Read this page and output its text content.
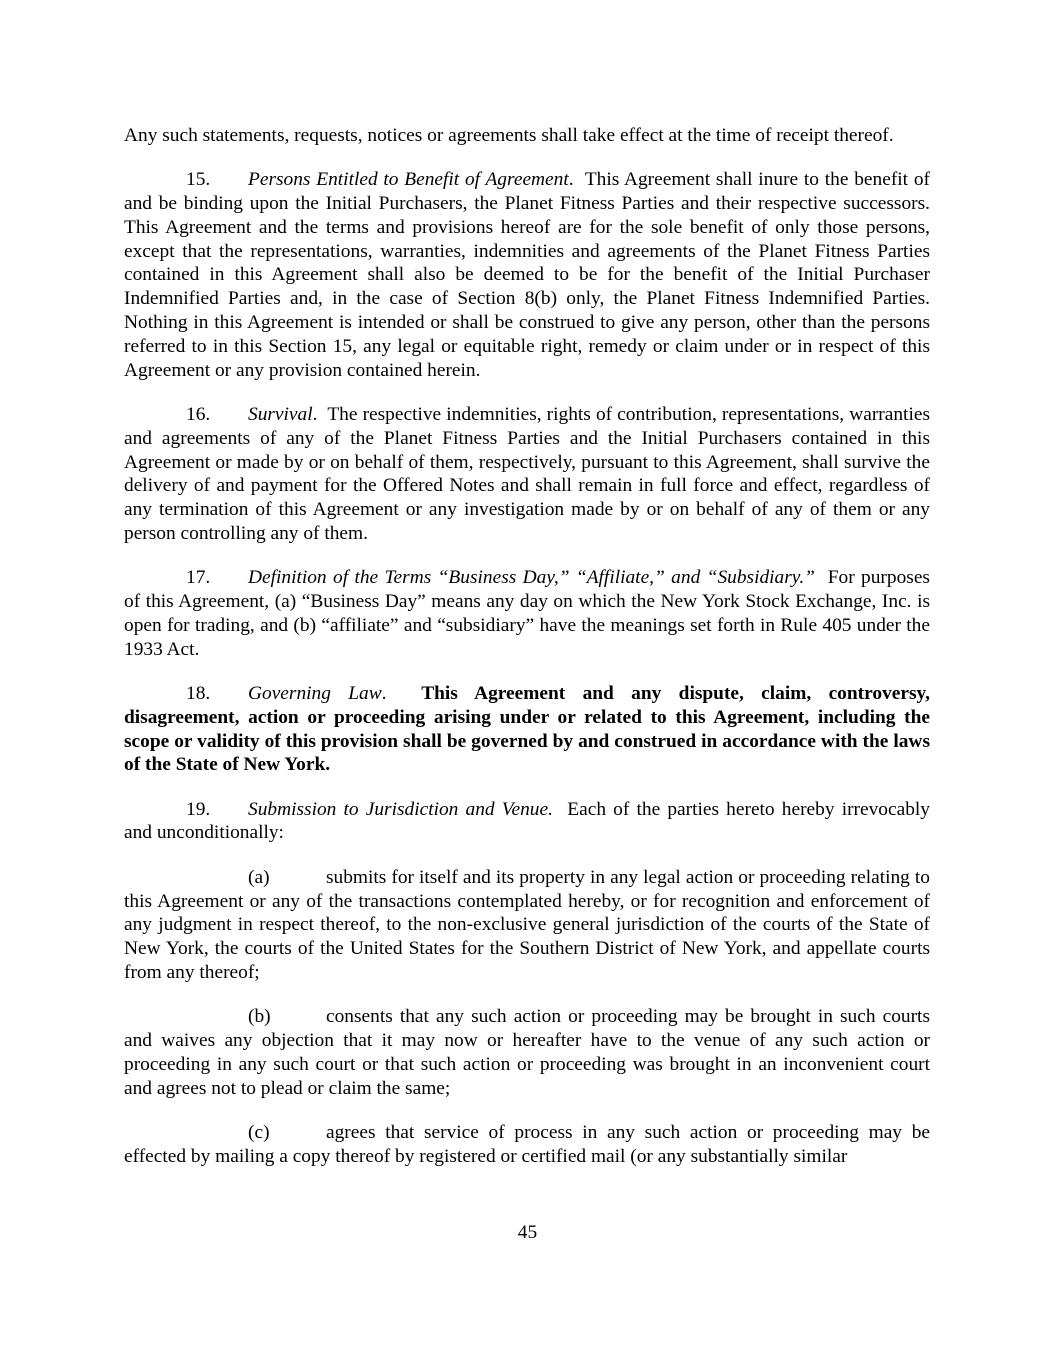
Any such statements, requests, notices or agreements shall take effect at the time of receipt thereof.

15. Persons Entitled to Benefit of Agreement. This Agreement shall inure to the benefit of and be binding upon the Initial Purchasers, the Planet Fitness Parties and their respective successors. This Agreement and the terms and provisions hereof are for the sole benefit of only those persons, except that the representations, warranties, indemnities and agreements of the Planet Fitness Parties contained in this Agreement shall also be deemed to be for the benefit of the Initial Purchaser Indemnified Parties and, in the case of Section 8(b) only, the Planet Fitness Indemnified Parties. Nothing in this Agreement is intended or shall be construed to give any person, other than the persons referred to in this Section 15, any legal or equitable right, remedy or claim under or in respect of this Agreement or any provision contained herein.

16. Survival. The respective indemnities, rights of contribution, representations, warranties and agreements of any of the Planet Fitness Parties and the Initial Purchasers contained in this Agreement or made by or on behalf of them, respectively, pursuant to this Agreement, shall survive the delivery of and payment for the Offered Notes and shall remain in full force and effect, regardless of any termination of this Agreement or any investigation made by or on behalf of any of them or any person controlling any of them.

17. Definition of the Terms “Business Day,” “Affiliate,” and “Subsidiary.” For purposes of this Agreement, (a) “Business Day” means any day on which the New York Stock Exchange, Inc. is open for trading, and (b) “affiliate” and “subsidiary” have the meanings set forth in Rule 405 under the 1933 Act.

18. Governing Law. This Agreement and any dispute, claim, controversy, disagreement, action or proceeding arising under or related to this Agreement, including the scope or validity of this provision shall be governed by and construed in accordance with the laws of the State of New York.

19. Submission to Jurisdiction and Venue. Each of the parties hereto hereby irrevocably and unconditionally:

(a)	submits for itself and its property in any legal action or proceeding relating to this Agreement or any of the transactions contemplated hereby, or for recognition and enforcement of any judgment in respect thereof, to the non-exclusive general jurisdiction of the courts of the State of New York, the courts of the United States for the Southern District of New York, and appellate courts from any thereof;

(b)	consents that any such action or proceeding may be brought in such courts and waives any objection that it may now or hereafter have to the venue of any such action or proceeding in any such court or that such action or proceeding was brought in an inconvenient court and agrees not to plead or claim the same;

(c)	agrees that service of process in any such action or proceeding may be effected by mailing a copy thereof by registered or certified mail (or any substantially similar

45
